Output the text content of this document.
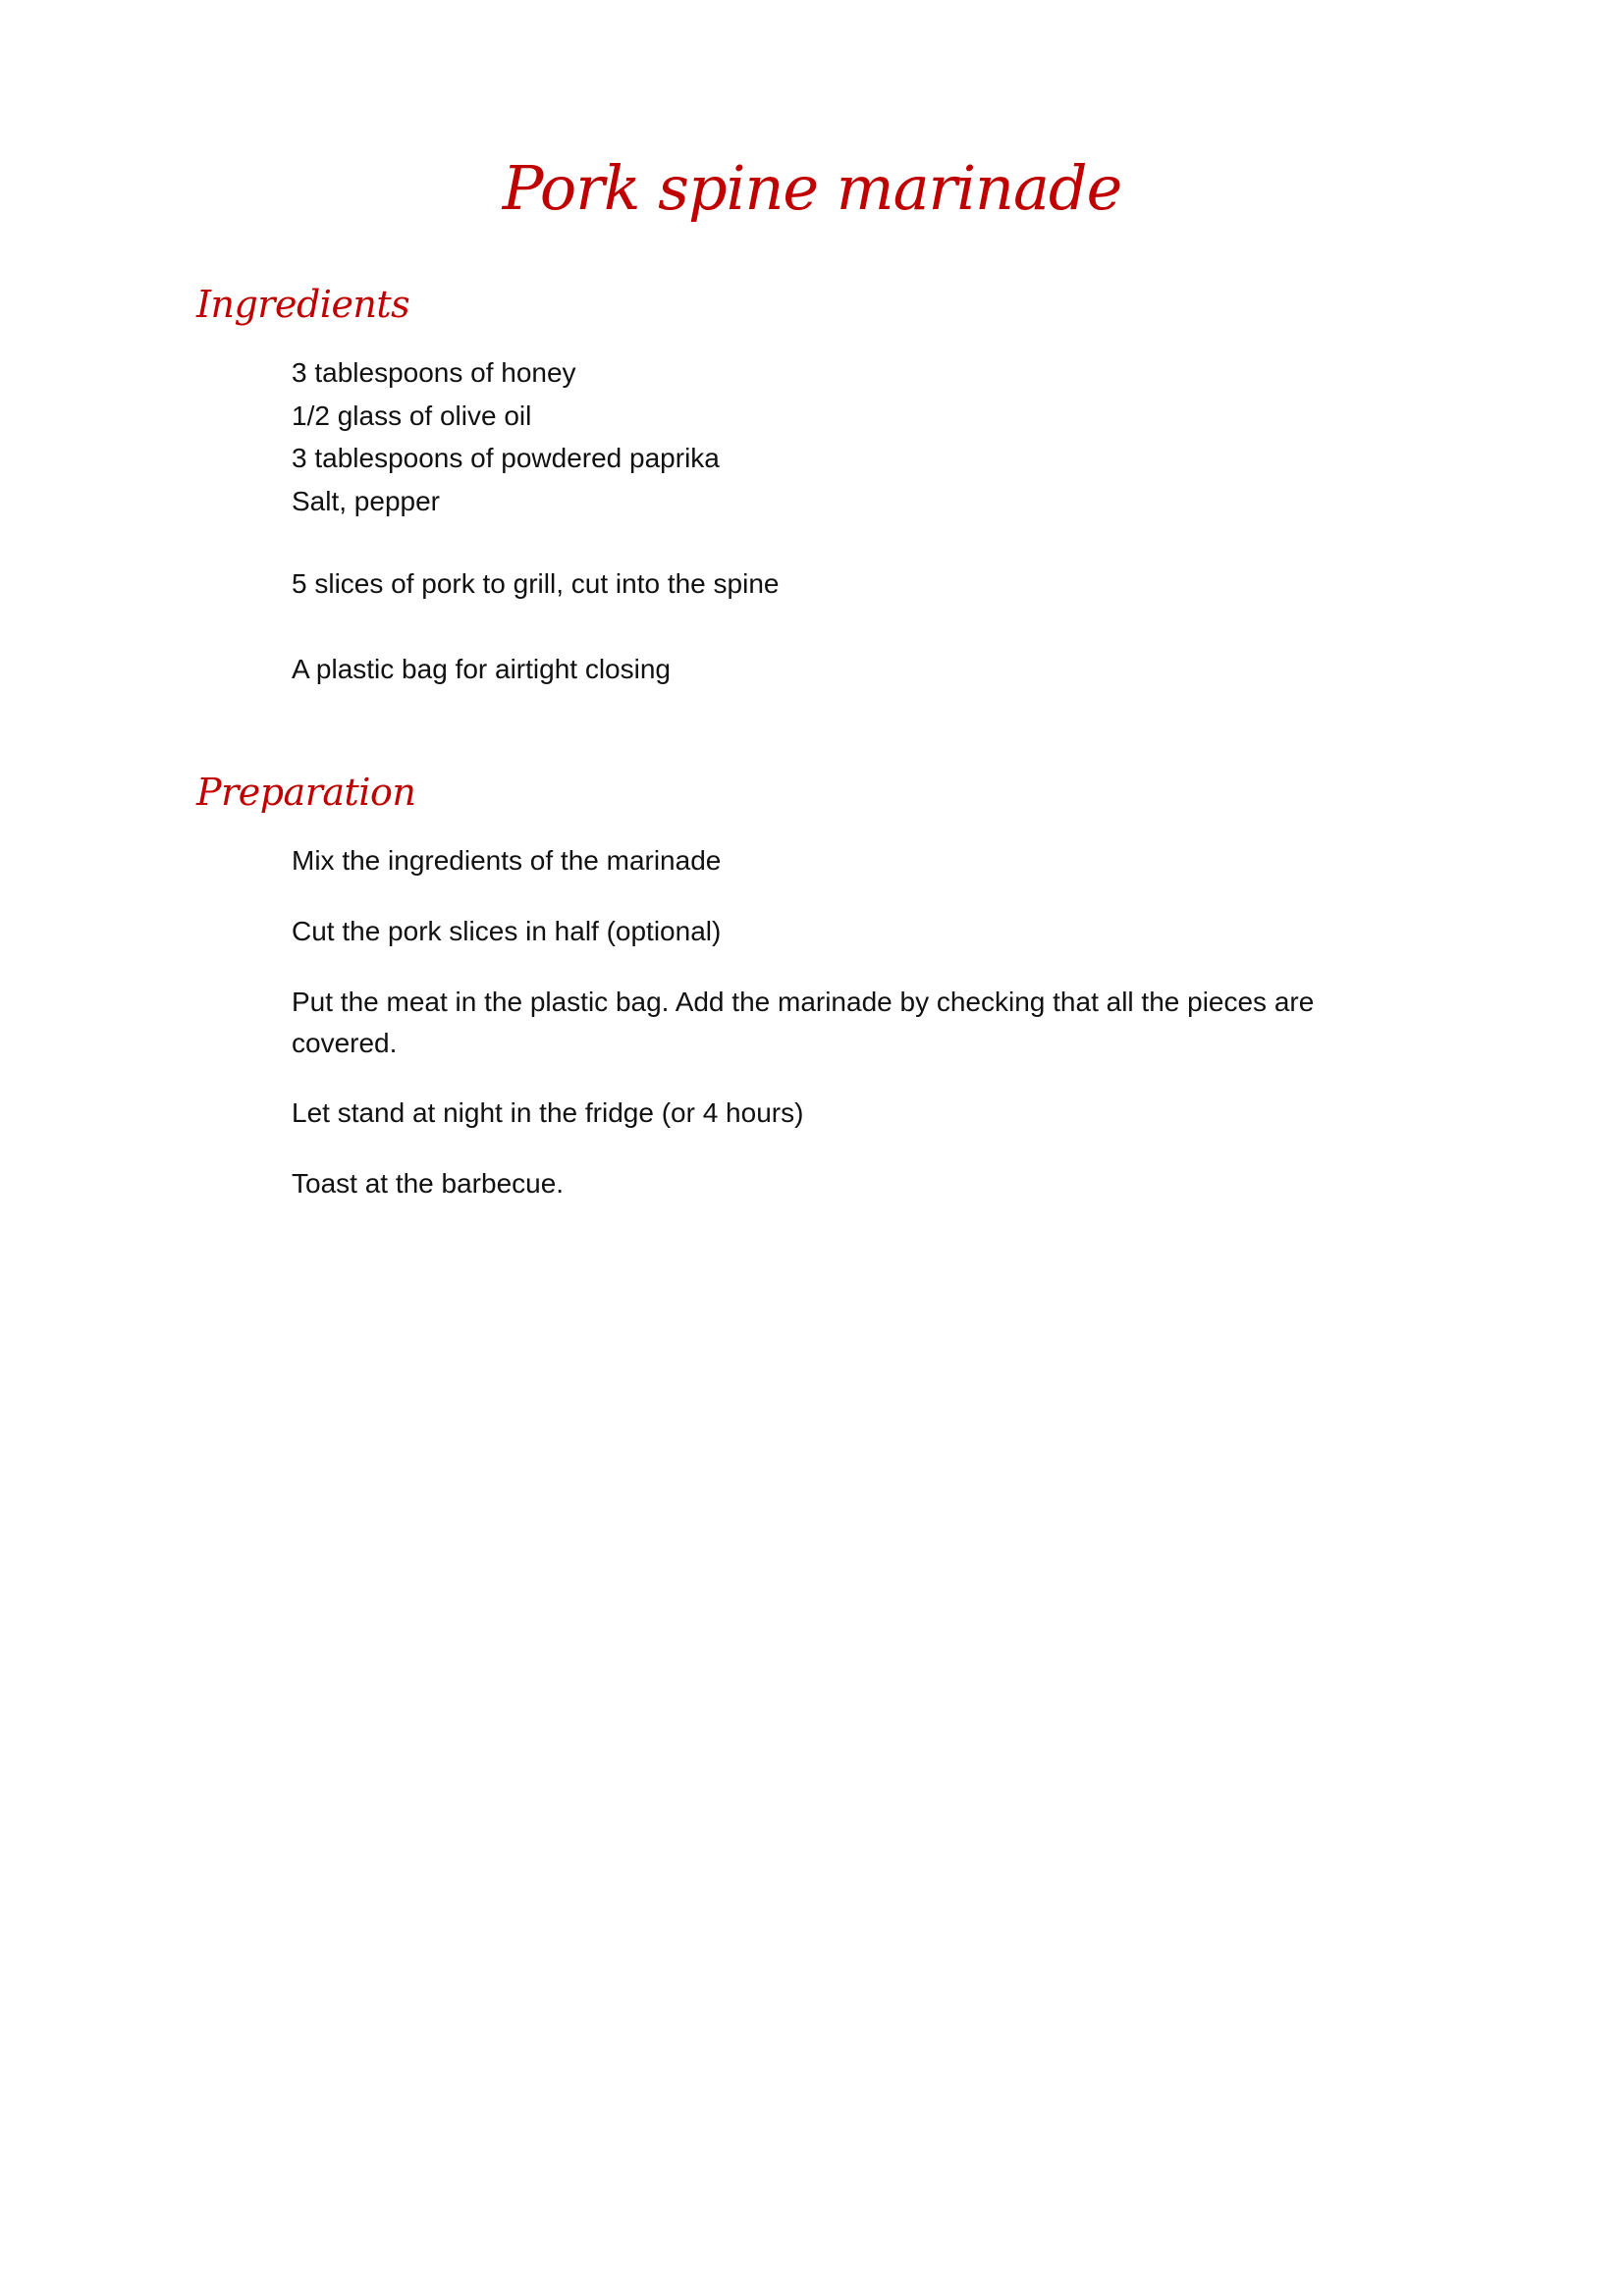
Pork spine marinade
Ingredients

3 tablespoons of honey

1/2 glass of olive oil

3 tablespoons of powdered paprika

Salt, pepper

5 slices of pork to grill, cut into the spine

A plastic bag for airtight closing

Preparation

Mix the ingredients of the marinade

Cut the pork slices in half (optional)

Put the meat in the plastic bag. Add the marinade by checking that all the pieces are covered.

Let stand at night in the fridge (or 4 hours)

Toast at the barbecue.
